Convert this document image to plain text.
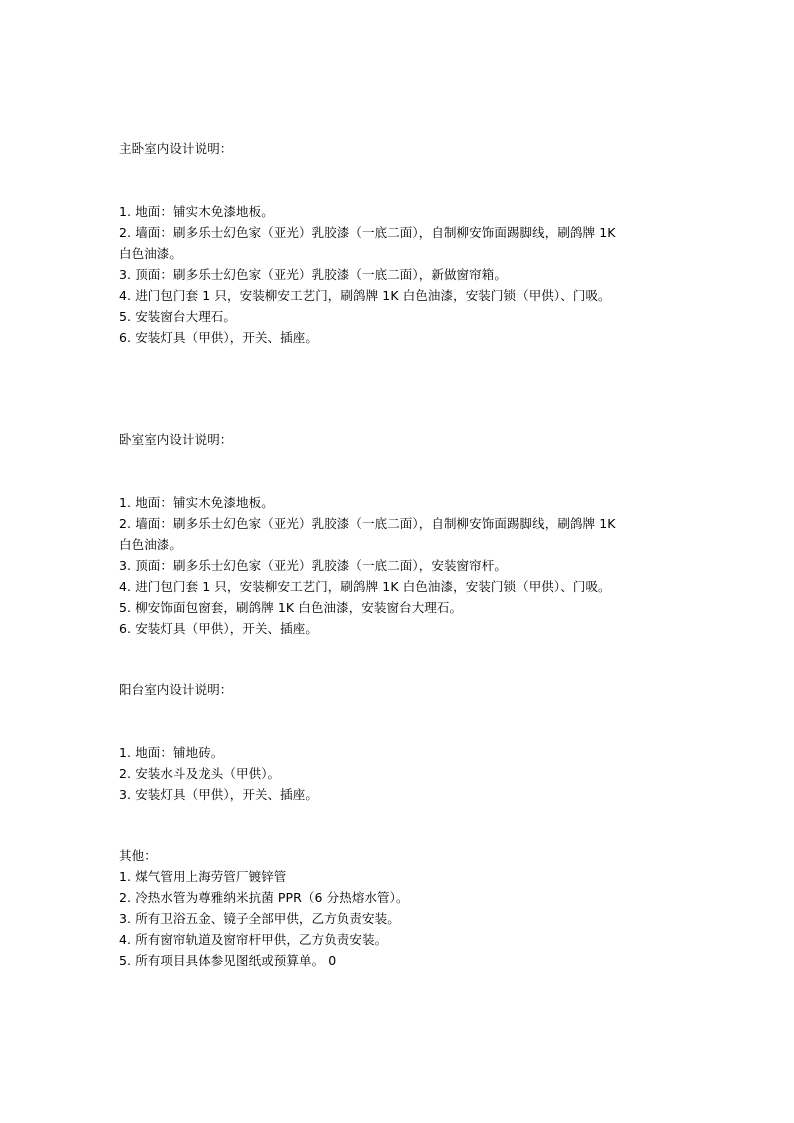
主卧室内设计说明：
1. 地面：铺实木免漆地板。
2. 墙面：刷多乐士幻色家（亚光）乳胶漆（一底二面），自制柳安饰面踢脚线，刷鸽牌 1K
白色油漆。
3. 顶面：刷多乐士幻色家（亚光）乳胶漆（一底二面），新做窗帘箱。
4. 进门包门套 1 只，安装柳安工艺门，刷鸽牌 1K 白色油漆，安装门锁（甲供）、门吸。
5. 安装窗台大理石。
6. 安装灯具（甲供），开关、插座。
卧室室内设计说明：
1. 地面：铺实木免漆地板。
2. 墙面：刷多乐士幻色家（亚光）乳胶漆（一底二面），自制柳安饰面踢脚线，刷鸽牌 1K
白色油漆。
3. 顶面：刷多乐士幻色家（亚光）乳胶漆（一底二面），安装窗帘杆。
4. 进门包门套 1 只，安装柳安工艺门，刷鸽牌 1K 白色油漆，安装门锁（甲供）、门吸。
5. 柳安饰面包窗套，刷鸽牌 1K 白色油漆，安装窗台大理石。
6. 安装灯具（甲供），开关、插座。
阳台室内设计说明：
1. 地面：铺地砖。
2. 安装水斗及龙头（甲供）。
3. 安装灯具（甲供），开关、插座。
其他：
1. 煤气管用上海劳管厂镀锌管
2. 冷热水管为尊雅纳米抗菌 PPR（6 分热熔水管）。
3. 所有卫浴五金、镜子全部甲供，乙方负责安装。
4. 所有窗帘轨道及窗帘杆甲供，乙方负责安装。
5. 所有项目具体参见图纸或预算单。 0
